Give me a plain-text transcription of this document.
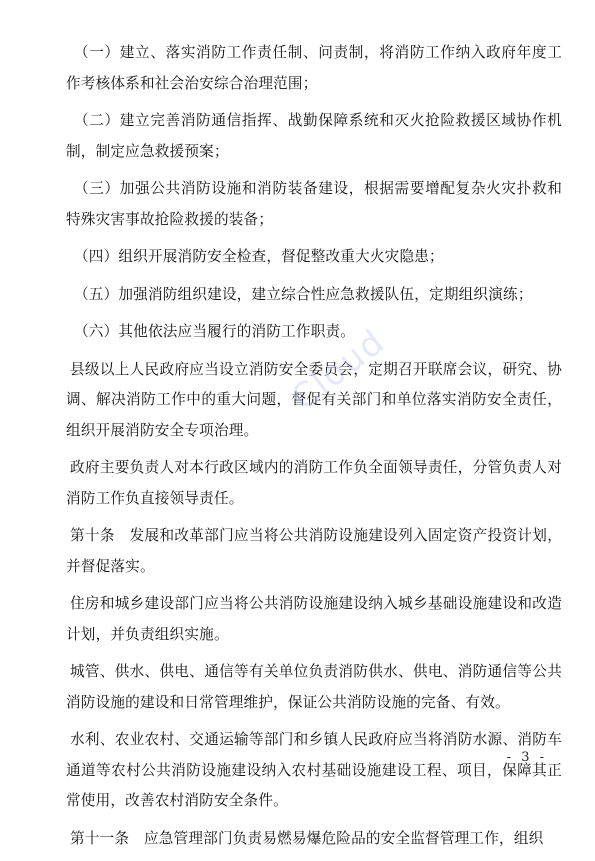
（一）建立、落实消防工作责任制、问责制，将消防工作纳入政府年度工作考核体系和社会治安综合治理范围；

（二）建立完善消防通信指挥、战勤保障系统和灭火抢险救援区域协作机制，制定应急救援预案；

（三）加强公共消防设施和消防装备建设，根据需要增配复杂火灾扑救和特殊灾害事故抢险救援的装备；

（四）组织开展消防安全检查，督促整改重大火灾隐患；

（五）加强消防组织建设，建立综合性应急救援队伍，定期组织演练；

（六）其他依法应当履行的消防工作职责。

县级以上人民政府应当设立消防安全委员会，定期召开联席会议，研究、协调、解决消防工作中的重大问题，督促有关部门和单位落实消防安全责任，组织开展消防安全专项治理。

政府主要负责人对本行政区域内的消防工作负全面领导责任，分管负责人对消防工作负直接领导责任。

第十条　发展和改革部门应当将公共消防设施建设列入固定资产投资计划，并督促落实。

住房和城乡建设部门应当将公共消防设施建设纳入城乡基础设施建设和改造计划，并负责组织实施。

城管、供水、供电、通信等有关单位负责消防供水、供电、消防通信等公共消防设施的建设和日常管理维护，保证公共消防设施的完备、有效。

水利、农业农村、交通运输等部门和乡镇人民政府应当将消防水源、消防车通道等农村公共消防设施建设纳入农村基础设施建设工程、项目，保障其正常使用，改善农村消防安全条件。

第十一条　应急管理部门负责易燃易爆危险品的安全监督管理工作，组织

Cloud
- 3 -
